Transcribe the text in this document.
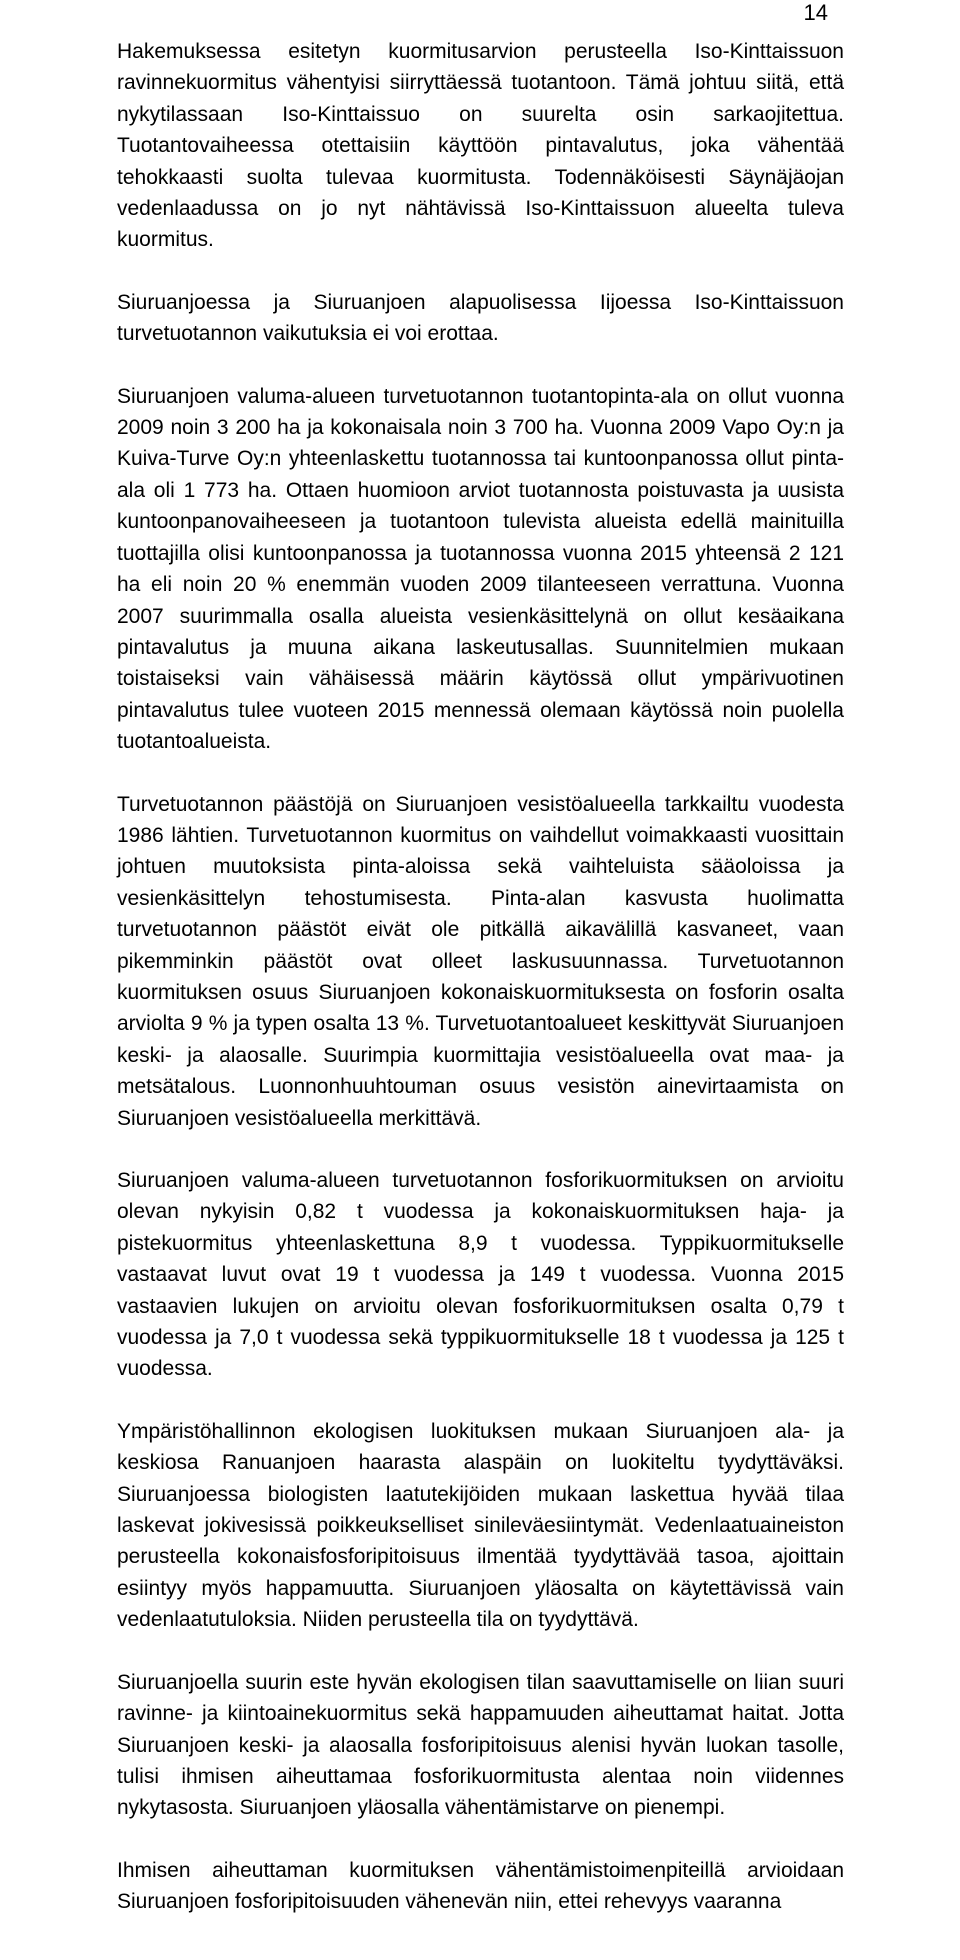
14

Hakemuksessa esitetyn kuormitusarvion perusteella Iso-Kinttaissuon ravinnekuormitus vähentyisi siirryttäessä tuotantoon. Tämä johtuu siitä, että nykytilassaan Iso-Kinttaissuo on suurelta osin sarkaojitettua. Tuotantovaiheessa otettaisiin käyttöön pintavalutus, joka vähentää tehokkaasti suolta tulevaa kuormitusta. Todennäköisesti Säynäjäojan vedenlaadussa on jo nyt nähtävissä Iso-Kinttaissuon alueelta tuleva kuormitus.

Siuruanjoessa ja Siuruanjoen alapuolisessa Iijoessa Iso-Kinttaissuon turvetuotannon vaikutuksia ei voi erottaa.

Siuruanjoen valuma-alueen turvetuotannon tuotantopinta-ala on ollut vuonna 2009 noin 3 200 ha ja kokonaisala noin 3 700 ha. Vuonna 2009 Vapo Oy:n ja Kuiva-Turve Oy:n yhteenlaskettu tuotannossa tai kuntoonpanossa ollut pinta-ala oli 1 773 ha. Ottaen huomioon arviot tuotannosta poistuvasta ja uusista kuntoonpanovaiheeseen ja tuotantoon tulevista alueista edellä mainituilla tuottajilla olisi kuntoonpanossa ja tuotannossa vuonna 2015 yhteensä 2 121 ha eli noin 20 % enemmän vuoden 2009 tilanteeseen verrattuna. Vuonna 2007 suurimmalla osalla alueista vesienkäsittelynä on ollut kesäaikana pintavalutus ja muuna aikana laskeutusallas. Suunnitelmien mukaan toistaiseksi vain vähäisessä määrin käytössä ollut ympärivuotinen pintavalutus tulee vuoteen 2015 mennessä olemaan käytössä noin puolella tuotantoalueista.

Turvetuotannon päästöjä on Siuruanjoen vesistöalueella tarkkailtu vuodesta 1986 lähtien. Turvetuotannon kuormitus on vaihdellut voimakkaasti vuosittain johtuen muutoksista pinta-aloissa sekä vaihteluista sääoloissa ja vesienkäsittelyn tehostumisesta. Pinta-alan kasvusta huolimatta turvetuotannon päästöt eivät ole pitkällä aikavälillä kasvaneet, vaan pikemminkin päästöt ovat olleet laskusuunnassa. Turvetuotannon kuormituksen osuus Siuruanjoen kokonaiskuormituksesta on fosforin osalta arviolta 9 % ja typen osalta 13 %. Turvetuotantoalueet keskittyvät Siuruanjoen keski- ja alaosalle. Suurimpia kuormittajia vesistöalueella ovat maa- ja metsätalous. Luonnonhuuhtouman osuus vesistön ainevirtaamista on Siuruanjoen vesistöalueella merkittävä.

Siuruanjoen valuma-alueen turvetuotannon fosforikuormituksen on arvioitu olevan nykyisin 0,82 t vuodessa ja kokonaiskuormituksen haja- ja pistekuormitus yhteenlaskettuna 8,9 t vuodessa. Typpikuormitukselle vastaavat luvut ovat 19 t vuodessa ja 149 t vuodessa. Vuonna 2015 vastaavien lukujen on arvioitu olevan fosforikuormituksen osalta 0,79 t vuodessa ja 7,0 t vuodessa sekä typpikuormitukselle 18 t vuodessa ja 125 t vuodessa.

Ympäristöhallinnon ekologisen luokituksen mukaan Siuruanjoen ala- ja keskiosa Ranuanjoen haarasta alaspäin on luokiteltu tyydyttäväksi. Siuruanjoessa biologisten laatutekijöiden mukaan laskettua hyvää tilaa laskevat jokivesissä poikkeukselliset sinileväesiintymät. Vedenlaatuaineiston perusteella kokonaisfosforipitoisuus ilmentää tyydyttävää tasoa, ajoittain esiintyy myös happamuutta. Siuruanjoen yläosalta on käytettävissä vain vedenlaatutuloksia. Niiden perusteella tila on tyydyttävä.

Siuruanjoella suurin este hyvän ekologisen tilan saavuttamiselle on liian suuri ravinne- ja kiintoainekuormitus sekä happamuuden aiheuttamat haitat. Jotta Siuruanjoen keski- ja alaosalla fosforipitoisuus alenisi hyvän luokan tasolle, tulisi ihmisen aiheuttamaa fosforikuormitusta alentaa noin viidennes nykytasosta. Siuruanjoen yläosalla vähentämistarve on pienempi.

Ihmisen aiheuttaman kuormituksen vähentämistoimenpiteillä arvioidaan Siuruanjoen fosforipitoisuuden vähenevän niin, ettei rehevyys vaaranna
